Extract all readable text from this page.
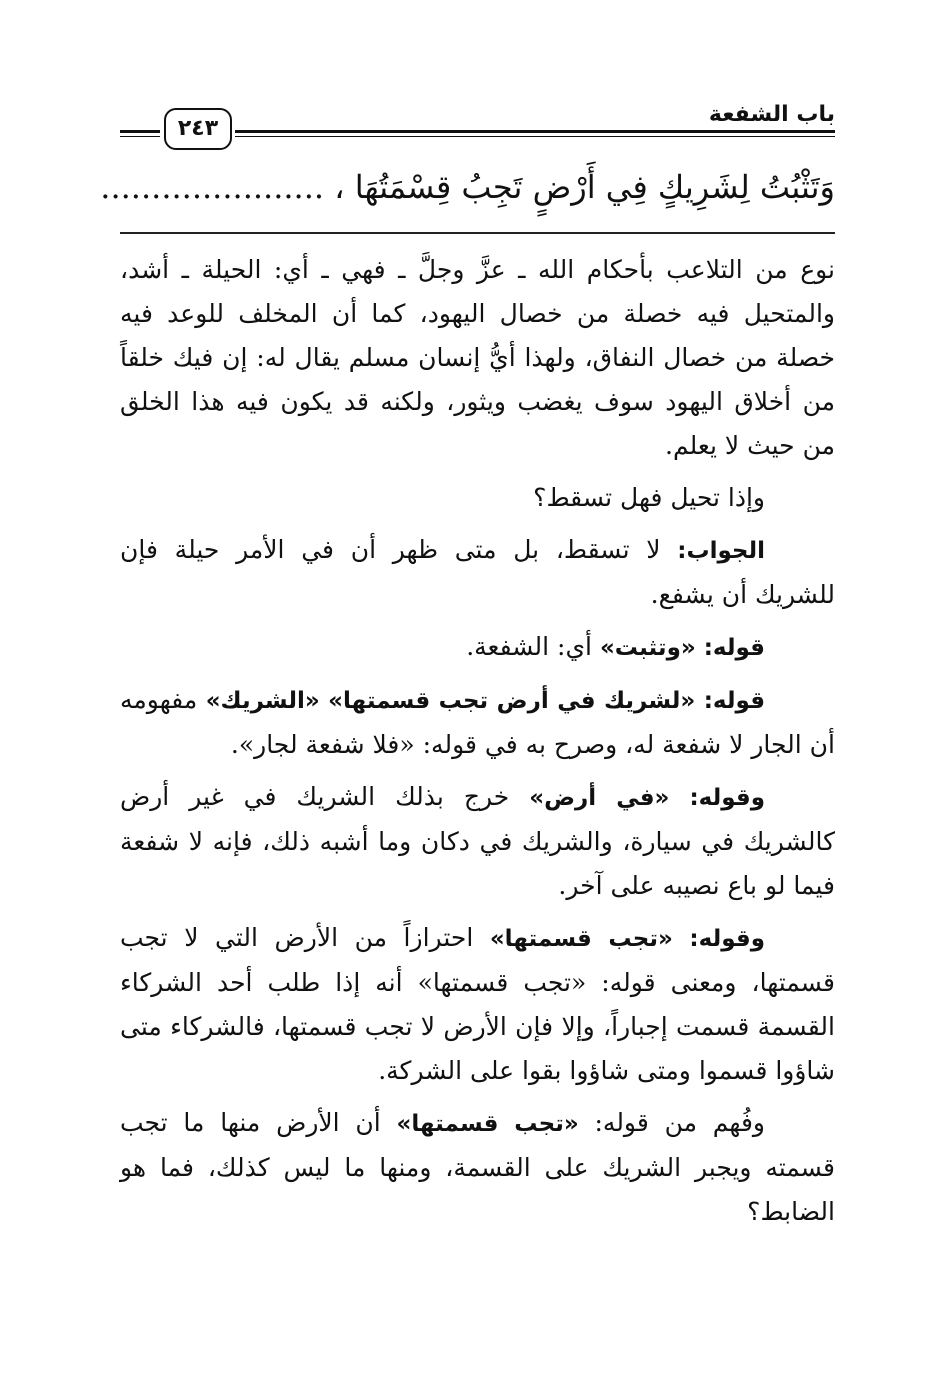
باب الشفعة
٢٤٣
وَتَثْبُتُ لِشَرِيكٍ فِي أَرْضٍ تَجِبُ قِسْمَتُهَا ، ......................

نوع من التلاعب بأحكام الله ـ عزَّ وجلَّ ـ فهي ـ أي: الحيلة ـ أشد، والمتحيل فيه خصلة من خصال اليهود، كما أن المخلف للوعد فيه خصلة من خصال النفاق، ولهذا أيُّ إنسان مسلم يقال له: إن فيك خلقاً من أخلاق اليهود سوف يغضب ويثور، ولكنه قد يكون فيه هذا الخلق من حيث لا يعلم.

وإذا تحيل فهل تسقط؟

الجواب: لا تسقط، بل متى ظهر أن في الأمر حيلة فإن للشريك أن يشفع.

قوله: «وتثبت» أي: الشفعة.

قوله: «لشريك في أرض تجب قسمتها» «الشريك» مفهومه أن الجار لا شفعة له، وصرح به في قوله: «فلا شفعة لجار».

وقوله: «في أرض» خرج بذلك الشريك في غير أرض كالشريك في سيارة، والشريك في دكان وما أشبه ذلك، فإنه لا شفعة فيما لو باع نصيبه على آخر.

وقوله: «تجب قسمتها» احترازاً من الأرض التي لا تجب قسمتها، ومعنى قوله: «تجب قسمتها» أنه إذا طلب أحد الشركاء القسمة قسمت إجباراً، وإلا فإن الأرض لا تجب قسمتها، فالشركاء متى شاؤوا قسموا ومتى شاؤوا بقوا على الشركة.

وفُهم من قوله: «تجب قسمتها» أن الأرض منها ما تجب قسمته ويجبر الشريك على القسمة، ومنها ما ليس كذلك، فما هو الضابط؟
